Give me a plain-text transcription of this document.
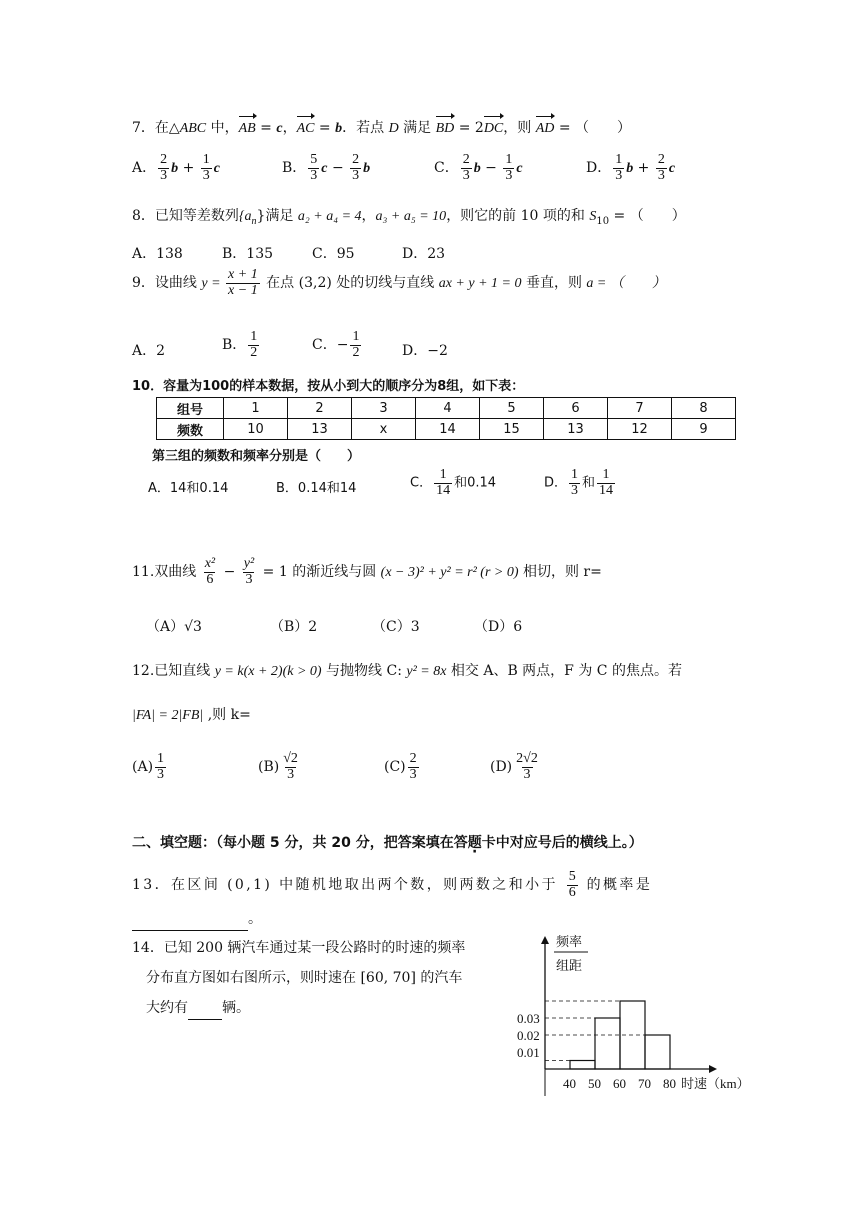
7．在△ABC 中，AB = c，AC = b．若点 D 满足 BD = 2DC，则 AD = （　　）
A． $\frac{2}{3}$ $b + \frac{1}{3}$ c	B． $\frac{5}{3}$ $c - \frac{2}{3}$ b	C． $\frac{2}{3}$ $b - \frac{1}{3}$ c	D． $\frac{1}{3}$ $b + \frac{2}{3}$ c
8．已知等差数列$\{a_n\}$满足 a₂ + a₄ = 4，a₃ + a₅ = 10，则它的前 10 项的和 $S_{10}$ = （　　）
A．138	B．135	C．95	D．23
9．设曲线 $y = \frac{x + 1}{x - 1}$ 在点 (3,2) 处的切线与直线 ax + y + 1 = 0 垂直，则 a = （　　）
A．2	B． $\frac{1}{2}$	C．− $\frac{1}{2}$	D．−2
10．容量为100的样本数据，按从小到大的顺序分为8组，如下表：
组号	1	2	3	4	5	6	7	8
频数	10	13	x	14	15	13	12	9
第三组的频数和频率分别是（　　）
A．14和0.14	B．0.14和14	C． $\frac{1}{14}$ 和0.14	D． $\frac{1}{3}$ 和 $\frac{1}{14}$
11.双曲线 $\frac{\text{x²}}{6} - \frac{\text{y²}}{3} = 1$ 的渐近线与圆 (x − 3)² + y² = r² (r > 0) 相切，则 r=
（A）√3	（B）2	（C）3	（D）6
12.已知直线 y = k(x + 2)(k > 0) 与抛物线 C: y² = 8x 相交 A、B 两点，F 为 C 的焦点。若
|FA| = 2|FB| ,则 k=
$(A) \frac{1}{3}$	$(B) \frac{√2}{3}$	$(C) \frac{2}{3}$	$(D) \frac{2√2}{3}$
二、填空题：（每小题 5 分，共 20 分，把答案填在答题卡中对应号后的横线上。）
13．在区间 (0,1) 中随机地取出两个数，则两数之和小于 $\frac{5}{6}$ 的概率是
。
14．已知 200 辆汽车通过某一段公路时的时速的频率
分布直方图如右图所示，则时速在 [60, 70] 的汽车
大约有 辆。
0.01
0.02
0.03
40 50 60 70 80
频率
组距
时速（km）
